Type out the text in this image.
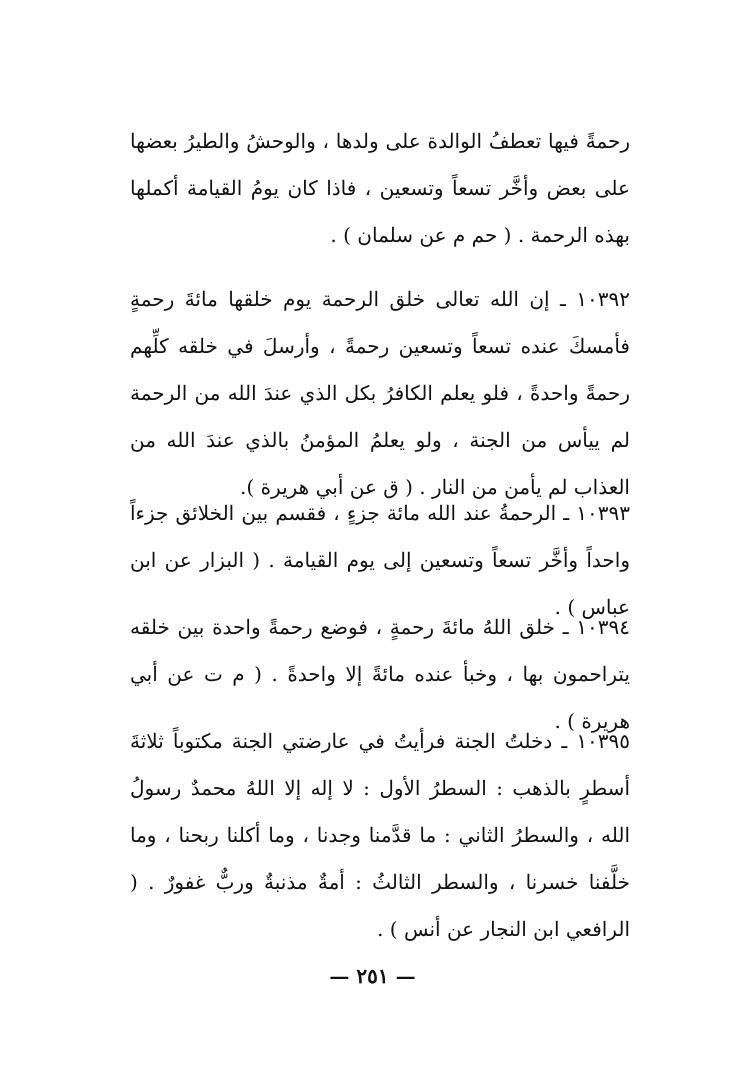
رحمةً فيها تعطفُ الوالدة على ولدها ، والوحشُ والطيرُ بعضها على بعض وأخَّر تسعاً وتسعين ، فاذا كان يومُ القيامة أكملها بهذه الرحمة . ( حم م عن سلمان ) .
١٠٣٩٢ ـ إن الله تعالى خلق الرحمة يوم خلقها مائةَ رحمةٍ فأمسكَ عنده تسعاً وتسعين رحمةً ، وأرسلَ في خلقه كلِّهم رحمةً واحدةً ، فلو يعلم الكافرُ بكل الذي عندَ الله من الرحمة لم ييأس من الجنة ، ولو يعلمُ المؤمنُ بالذي عندَ الله من العذاب لم يأمن من النار . ( ق عن أبي هريرة ).
١٠٣٩٣ ـ الرحمةُ عند الله مائة جزءٍ ، فقسم بين الخلائق جزءاً واحداً وأخَّر تسعاً وتسعين إلى يوم القيامة . ( البزار عن ابن عباس ) .
١٠٣٩٤ ـ خلق اللهُ مائةَ رحمةٍ ، فوضع رحمةً واحدة بين خلقه يتراحمون بها ، وخبأ عنده مائةً إلا واحدةً . ( م ت عن أبي هريرة ) .
١٠٣٩٥ ـ دخلتُ الجنة فرأيتُ في عارضتي الجنة مكتوباً ثلاثةَ أسطرٍ بالذهب : السطرُ الأول : لا إله إلا اللهُ محمدٌ رسولُ الله ، والسطرُ الثاني : ما قدَّمنا وجدنا ، وما أكلنا ربحنا ، وما خلَّفنا خسرنا ، والسطر الثالثُ : أمةٌ مذنبةٌ وربٌّ غفورٌ . ( الرافعي ابن النجار عن أنس ) .
— ٢٥١ —
